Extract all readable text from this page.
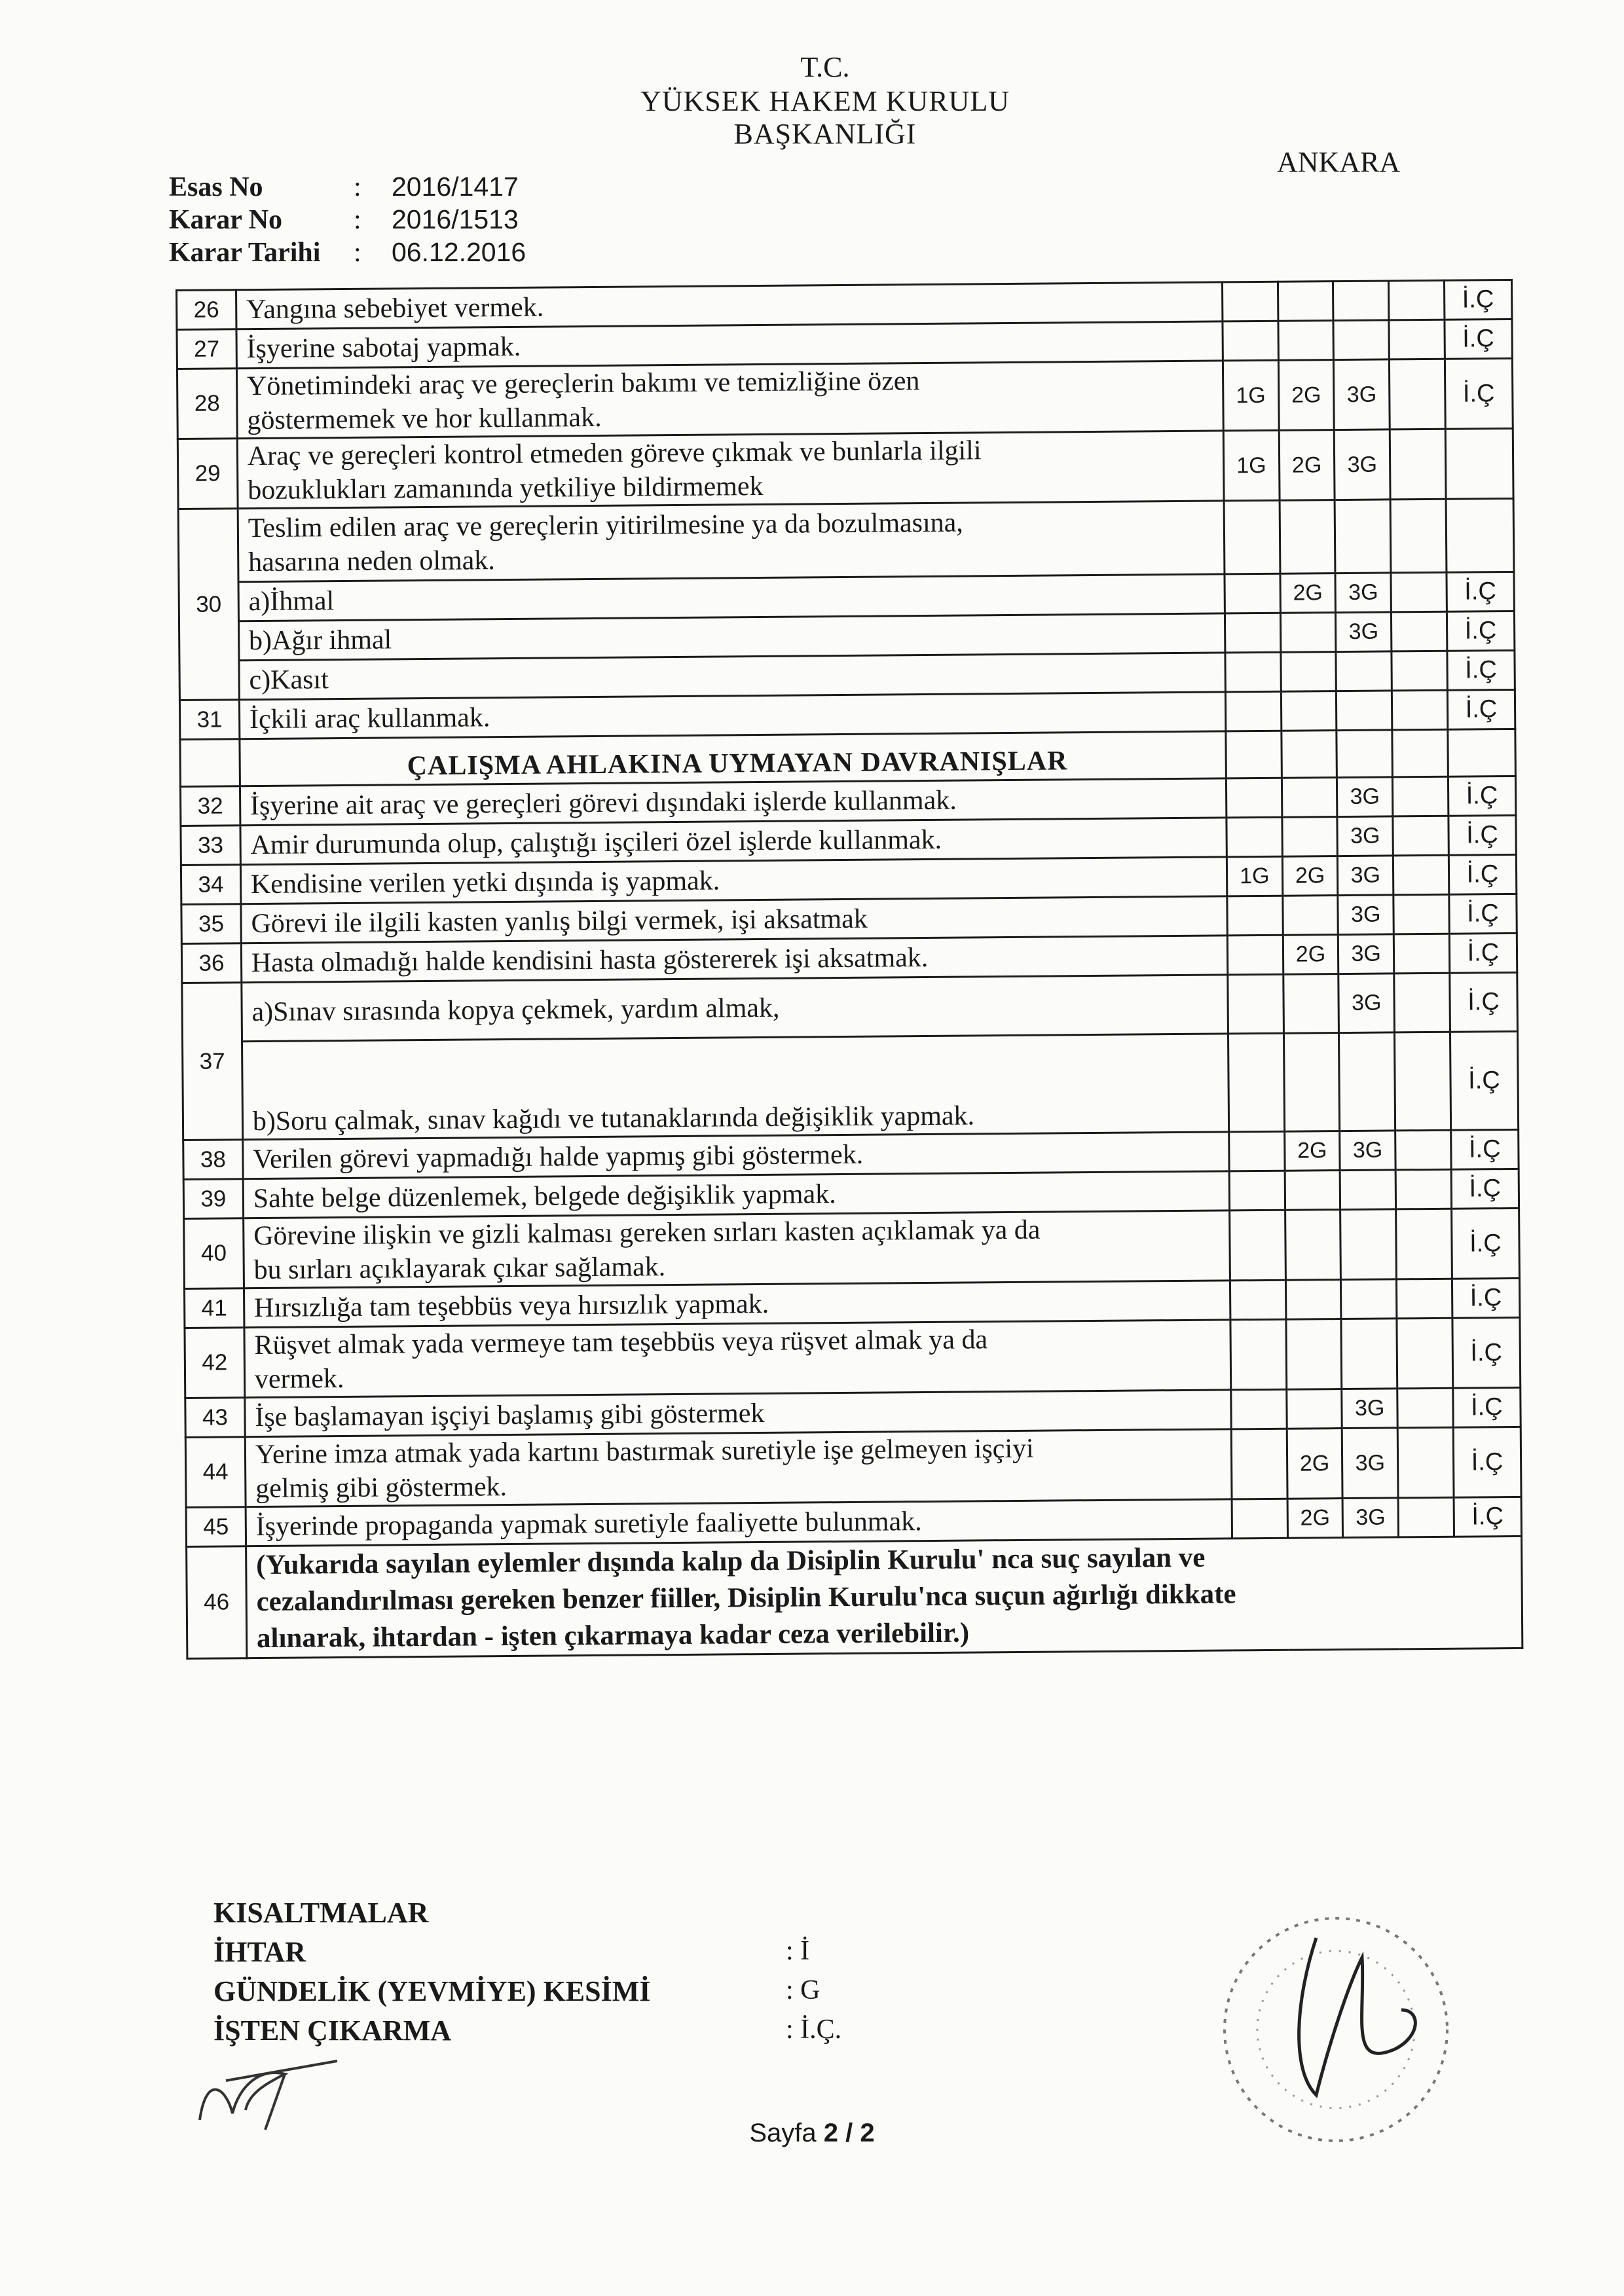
T.C.
YÜKSEK HAKEM KURULU
BAŞKANLIĞI
ANKARA
Esas No	: 2016/1417
Karar No	: 2016/1513
Karar Tarihi : 06.12.2016
26	Yangına sebebiyet vermek.					İ.Ç
27	İşyerine sabotaj yapmak.					İ.Ç
28	Yönetimindeki araç ve gereçlerin bakımı ve temizliğine özen
göstermemek ve hor kullanmak.	1G	2G	3G		İ.Ç
29	Araç ve gereçleri kontrol etmeden göreve çıkmak ve bunlarla ilgili
bozuklukları zamanında yetkiliye bildirmemek	1G	2G	3G		
30	Teslim edilen araç ve gereçlerin yitirilmesine ya da bozulmasına,
hasarına neden olmak.					

	a)İhmal		2G	3G		İ.Ç
	b)Ağır ihmal			3G		İ.Ç
	c)Kasıt					İ.Ç
31	İçkili araç kullanmak.					İ.Ç
	ÇALIŞMA AHLAKINA UYMAYAN DAVRANIŞLAR					
32	İşyerine ait araç ve gereçleri görevi dışındaki işlerde kullanmak.			3G		İ.Ç
33	Amir durumunda olup, çalıştığı işçileri özel işlerde kullanmak.			3G		İ.Ç
34	Kendisine verilen yetki dışında iş yapmak.	1G	2G	3G		İ.Ç
35	Görevi ile ilgili kasten yanlış bilgi vermek, işi aksatmak			3G		İ.Ç
36	Hasta olmadığı halde kendisini hasta göstererek işi aksatmak.		2G	3G		İ.Ç
37	a)Sınav sırasında kopya çekmek, yardım almak,			3G		İ.Ç
	b)Soru çalmak, sınav kağıdı ve tutanaklarında değişiklik yapmak.					İ.Ç
38	Verilen görevi yapmadığı halde yapmış gibi göstermek.		2G	3G		İ.Ç
39	Sahte belge düzenlemek, belgede değişiklik yapmak.					İ.Ç
40	Görevine ilişkin ve gizli kalması gereken sırları kasten açıklamak ya da
bu sırları açıklayarak çıkar sağlamak.					İ.Ç
41	Hırsızlığa tam teşebbüs veya hırsızlık yapmak.					İ.Ç
42	Rüşvet almak yada vermeye tam teşebbüs veya rüşvet almak ya da
vermek.					İ.Ç
43	İşe başlamayan işçiyi başlamış gibi göstermek			3G		İ.Ç
44	Yerine imza atmak yada kartını bastırmak suretiyle işe gelmeyen işçiyi
gelmiş gibi göstermek.		2G	3G		İ.Ç
45	İşyerinde propaganda yapmak suretiyle faaliyette bulunmak.		2G	3G		İ.Ç
46	(Yukarıda sayılan eylemler dışında kalıp da Disiplin Kurulu' nca suç sayılan ve
cezalandırılması gereken benzer fiiller, Disiplin Kurulu'nca suçun ağırlığı dikkate
alınarak, ihtardan - işten çıkarmaya kadar ceza verilebilir.)					
KISALTMALAR
İHTAR	: İ
GÜNDELİK (YEVMİYE) KESİMİ	: G
İŞTEN ÇIKARMA	: İ.Ç.
Sayfa 2 / 2
